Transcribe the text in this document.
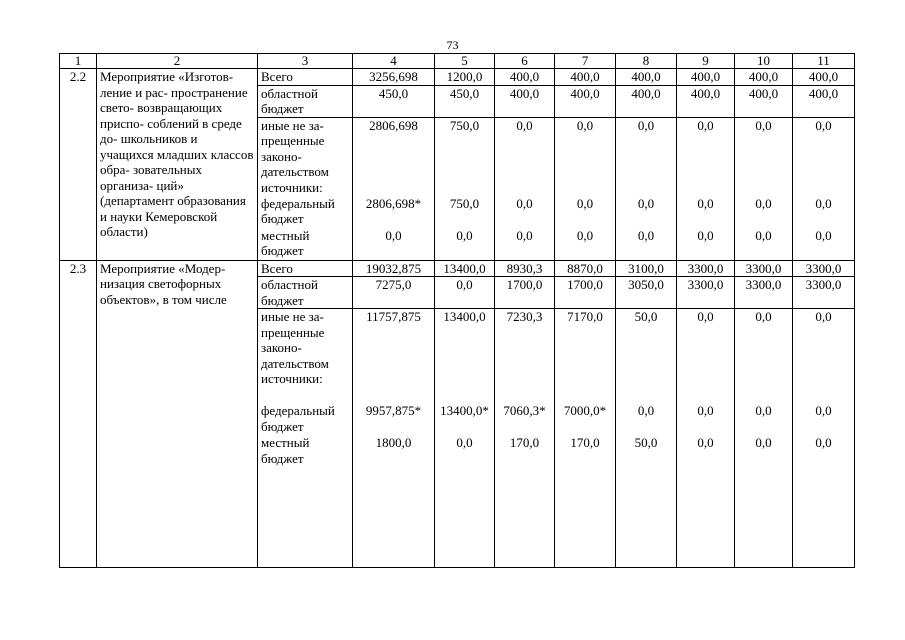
73
1	2	3	4	5	6	7	8	9	10	11
2.2	Мероприятие «Изготов- ление и рас- пространение свето- возвращающих приспо- соблений в среде до- школьников и учащихся младших классов обра- зовательных организа- ций» (департамент образования и науки Кемеровской области)	Всего	3256,698	1200,0	400,0	400,0	400,0	400,0	400,0	400,0
		областной бюджет	450,0	450,0	400,0	400,0	400,0	400,0	400,0	400,0
		иные не за- прещенные законо- дательством источники:	2806,698	750,0	0,0	0,0	0,0	0,0	0,0	0,0
		федеральный бюджет	2806,698*	750,0	0,0	0,0	0,0	0,0	0,0	0,0
		местный бюджет	0,0	0,0	0,0	0,0	0,0	0,0	0,0	0,0
2.3	Мероприятие «Модер- низация светофорных объектов», в том числе	Всего	19032,875	13400,0	8930,3	8870,0	3100,0	3300,0	3300,0	3300,0
		областной бюджет	7275,0	0,0	1700,0	1700,0	3050,0	3300,0	3300,0	3300,0
		иные не за- прещенные законо- дательством источники:	11757,875	13400,0	7230,3	7170,0	50,0	0,0	0,0	0,0
		федеральный бюджет	9957,875*	13400,0*	7060,3*	7000,0*	0,0	0,0	0,0	0,0
		местный бюджет	1800,0	0,0	170,0	170,0	50,0	0,0	0,0	0,0
